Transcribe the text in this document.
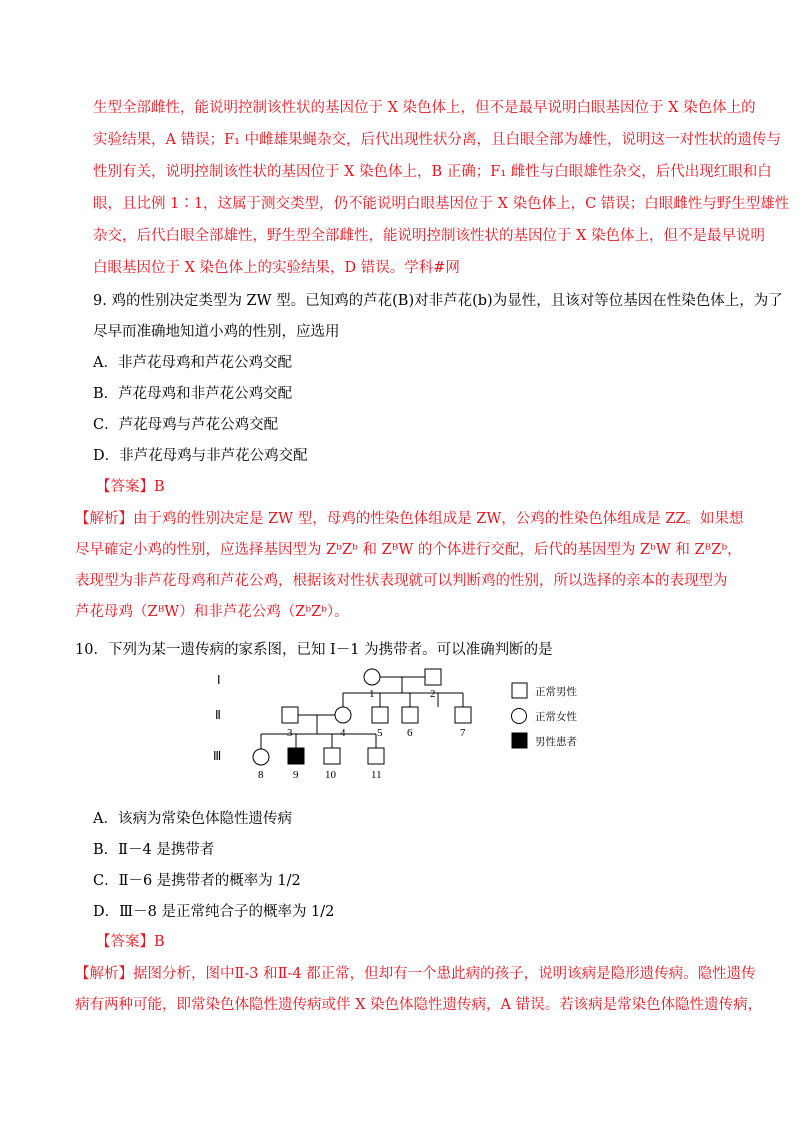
生型全部雌性，能说明控制该性状的基因位于 X 染色体上，但不是最早说明白眼基因位于 X 染色体上的
实验结果，A 错误；F₁ 中雌雄果蝇杂交，后代出现性状分离，且白眼全部为雄性，说明这一对性状的遗传与
性别有关，说明控制该性状的基因位于 X 染色体上，B 正确；F₁ 雌性与白眼雄性杂交，后代出现红眼和白
眼，且比例 1∶1，这属于测交类型，仍不能说明白眼基因位于 X 染色体上，C 错误；白眼雌性与野生型雄性
杂交，后代白眼全部雄性，野生型全部雌性，能说明控制该性状的基因位于 X 染色体上，但不是最早说明
白眼基因位于 X 染色体上的实验结果，D 错误。学科#网
9. 鸡的性别决定类型为 ZW 型。已知鸡的芦花(B)对非芦花(b)为显性，且该对等位基因在性染色体上，为了
尽早而准确地知道小鸡的性别，应选用
A．非芦花母鸡和芦花公鸡交配
B．芦花母鸡和非芦花公鸡交配
C．芦花母鸡与芦花公鸡交配
D．非芦花母鸡与非芦花公鸡交配
【答案】B
【解析】由于鸡的性别决定是 ZW 型，母鸡的性染色体组成是 ZW，公鸡的性染色体组成是 ZZ。如果想
尽早確定小鸡的性别，应选择基因型为 ZᵇZᵇ 和 ZᴮW 的个体进行交配，后代的基因型为 ZᵇW 和 ZᴮZᵇ，
表现型为非芦花母鸡和芦花公鸡，根据该对性状表现就可以判断鸡的性别，所以选择的亲本的表现型为
芦花母鸡（ZᴮW）和非芦花公鸡（ZᵇZᵇ）。
10．下列为某一遗传病的家系图，已知 Ⅰ－1 为携带者。可以准确判断的是
Ⅰ
Ⅱ
Ⅲ
1	2
3	4	5 6	7
8	9 10	11
正常男性
正常女性
男性患者
A．该病为常染色体隐性遗传病
B．Ⅱ－4 是携带者
C．Ⅱ－6 是携带者的概率为 1/2
D．Ⅲ－8 是正常纯合子的概率为 1/2
【答案】B
【解析】据图分析，图中Ⅱ-3 和Ⅱ-4 都正常，但却有一个患此病的孩子，说明该病是隐形遗传病。隐性遗传
病有两种可能，即常染色体隐性遗传病或伴 X 染色体隐性遗传病，A 错误。若该病是常染色体隐性遗传病，
